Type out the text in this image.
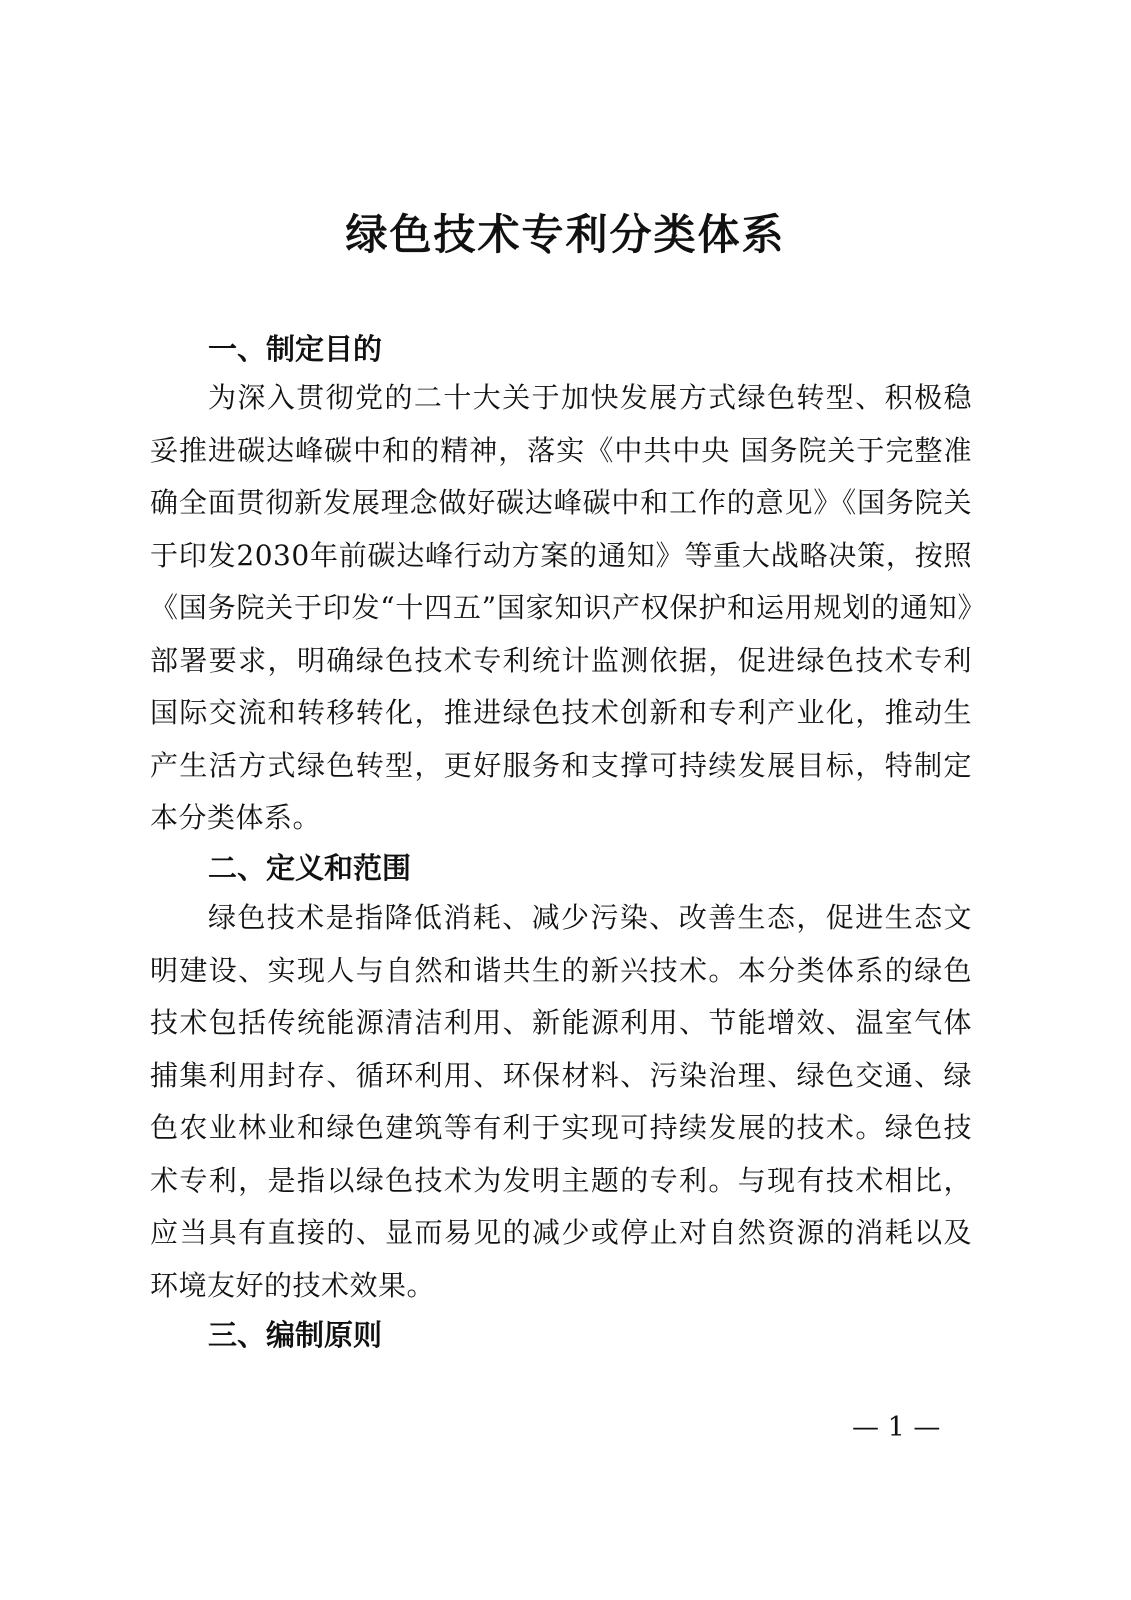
绿色技术专利分类体系
一、制定目的

为深入贯彻党的二十大关于加快发展方式绿色转型、积极稳妥推进碳达峰碳中和的精神，落实《中共中央 国务院关于完整准确全面贯彻新发展理念做好碳达峰碳中和工作的意见》《国务院关于印发2030年前碳达峰行动方案的通知》等重大战略决策，按照《国务院关于印发“十四五”国家知识产权保护和运用规划的通知》部署要求，明确绿色技术专利统计监测依据，促进绿色技术专利国际交流和转移转化，推进绿色技术创新和专利产业化，推动生产生活方式绿色转型，更好服务和支撑可持续发展目标，特制定本分类体系。

二、定义和范围

绿色技术是指降低消耗、减少污染、改善生态，促进生态文明建设、实现人与自然和谐共生的新兴技术。本分类体系的绿色技术包括传统能源清洁利用、新能源利用、节能增效、温室气体捕集利用封存、循环利用、环保材料、污染治理、绿色交通、绿色农业林业和绿色建筑等有利于实现可持续发展的技术。绿色技术专利，是指以绿色技术为发明主题的专利。与现有技术相比，应当具有直接的、显而易见的减少或停止对自然资源的消耗以及环境友好的技术效果。

三、编制原则
— 1 —
